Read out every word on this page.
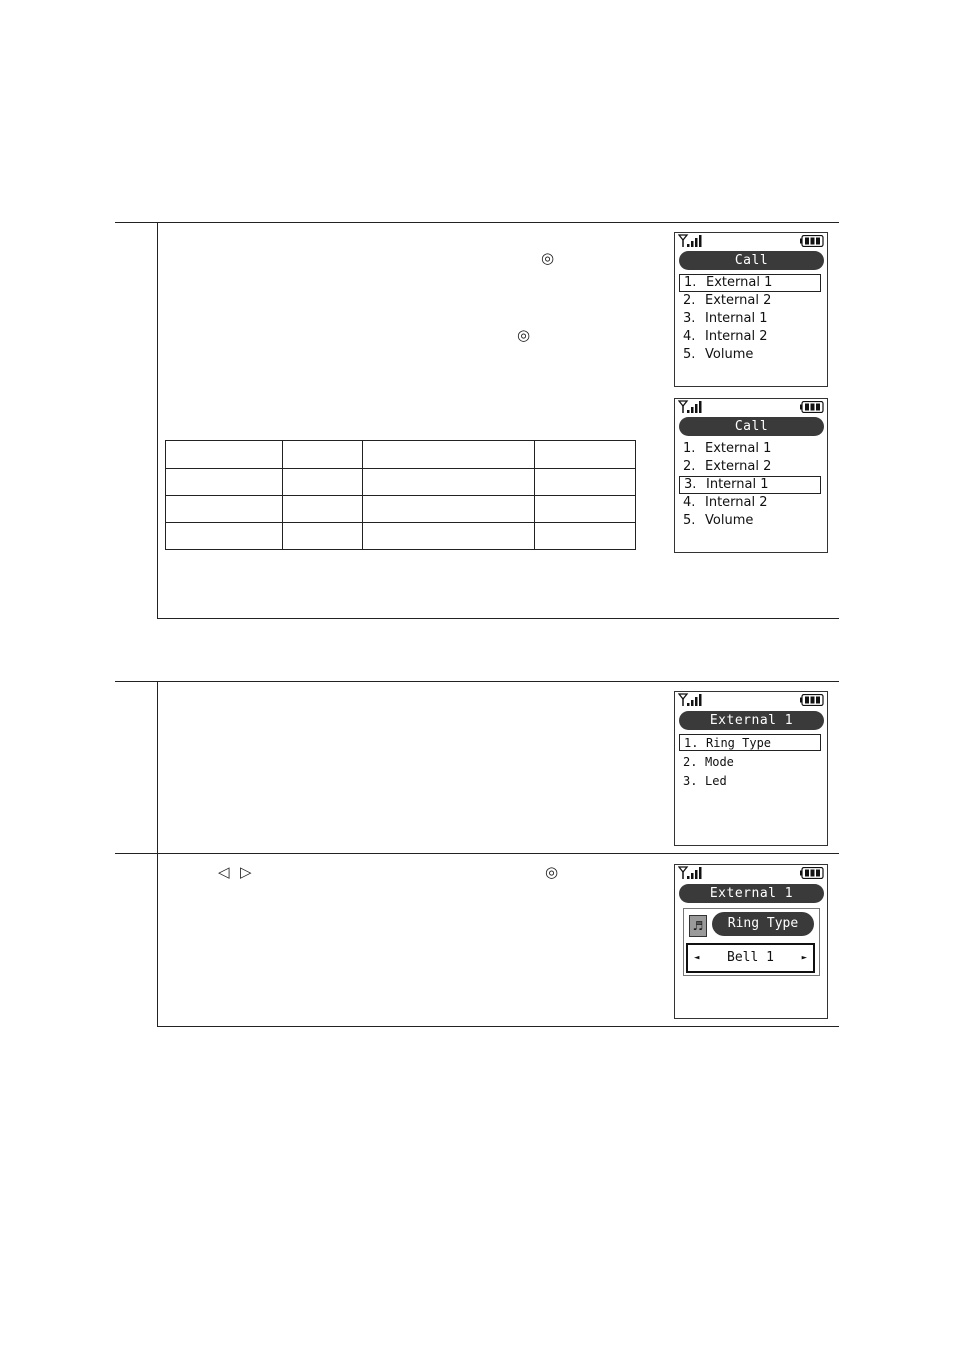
◎
◎

Call
1. External 1
2. External 2
3. Internal 1
4. Internal 2
5. Volume
Call
1. External 1
2. External 2
3. Internal 1
4. Internal 2
5. Volume
◁ ▷	◎
External 1
1. Ring Type
2. Mode
3. Led
External 1
♬	Ring Type
◄ Bell 1	►
